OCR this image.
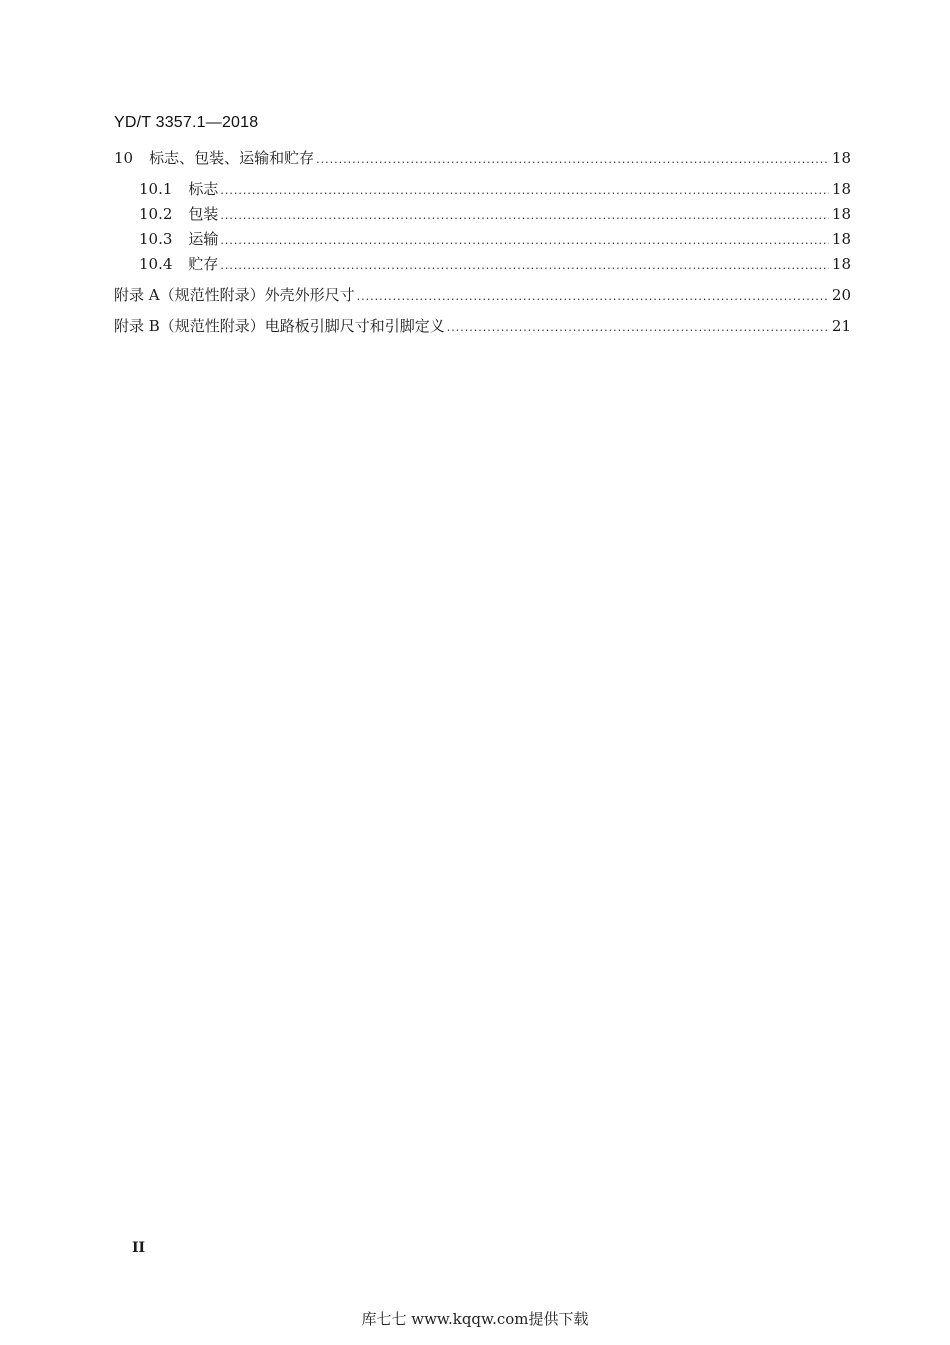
YD/T 3357.1—2018
10 标志、包装、运输和贮存 .....	18
10.1 标志 .....	18
10.2 包装 .....	18
10.3 运输 .....	18
10.4 贮存 .....	18
附录 A（规范性附录）外壳外形尺寸 .....	20
附录 B（规范性附录）电路板引脚尺寸和引脚定义 .....	21
II
库七七 www.kqqw.com提供下载
